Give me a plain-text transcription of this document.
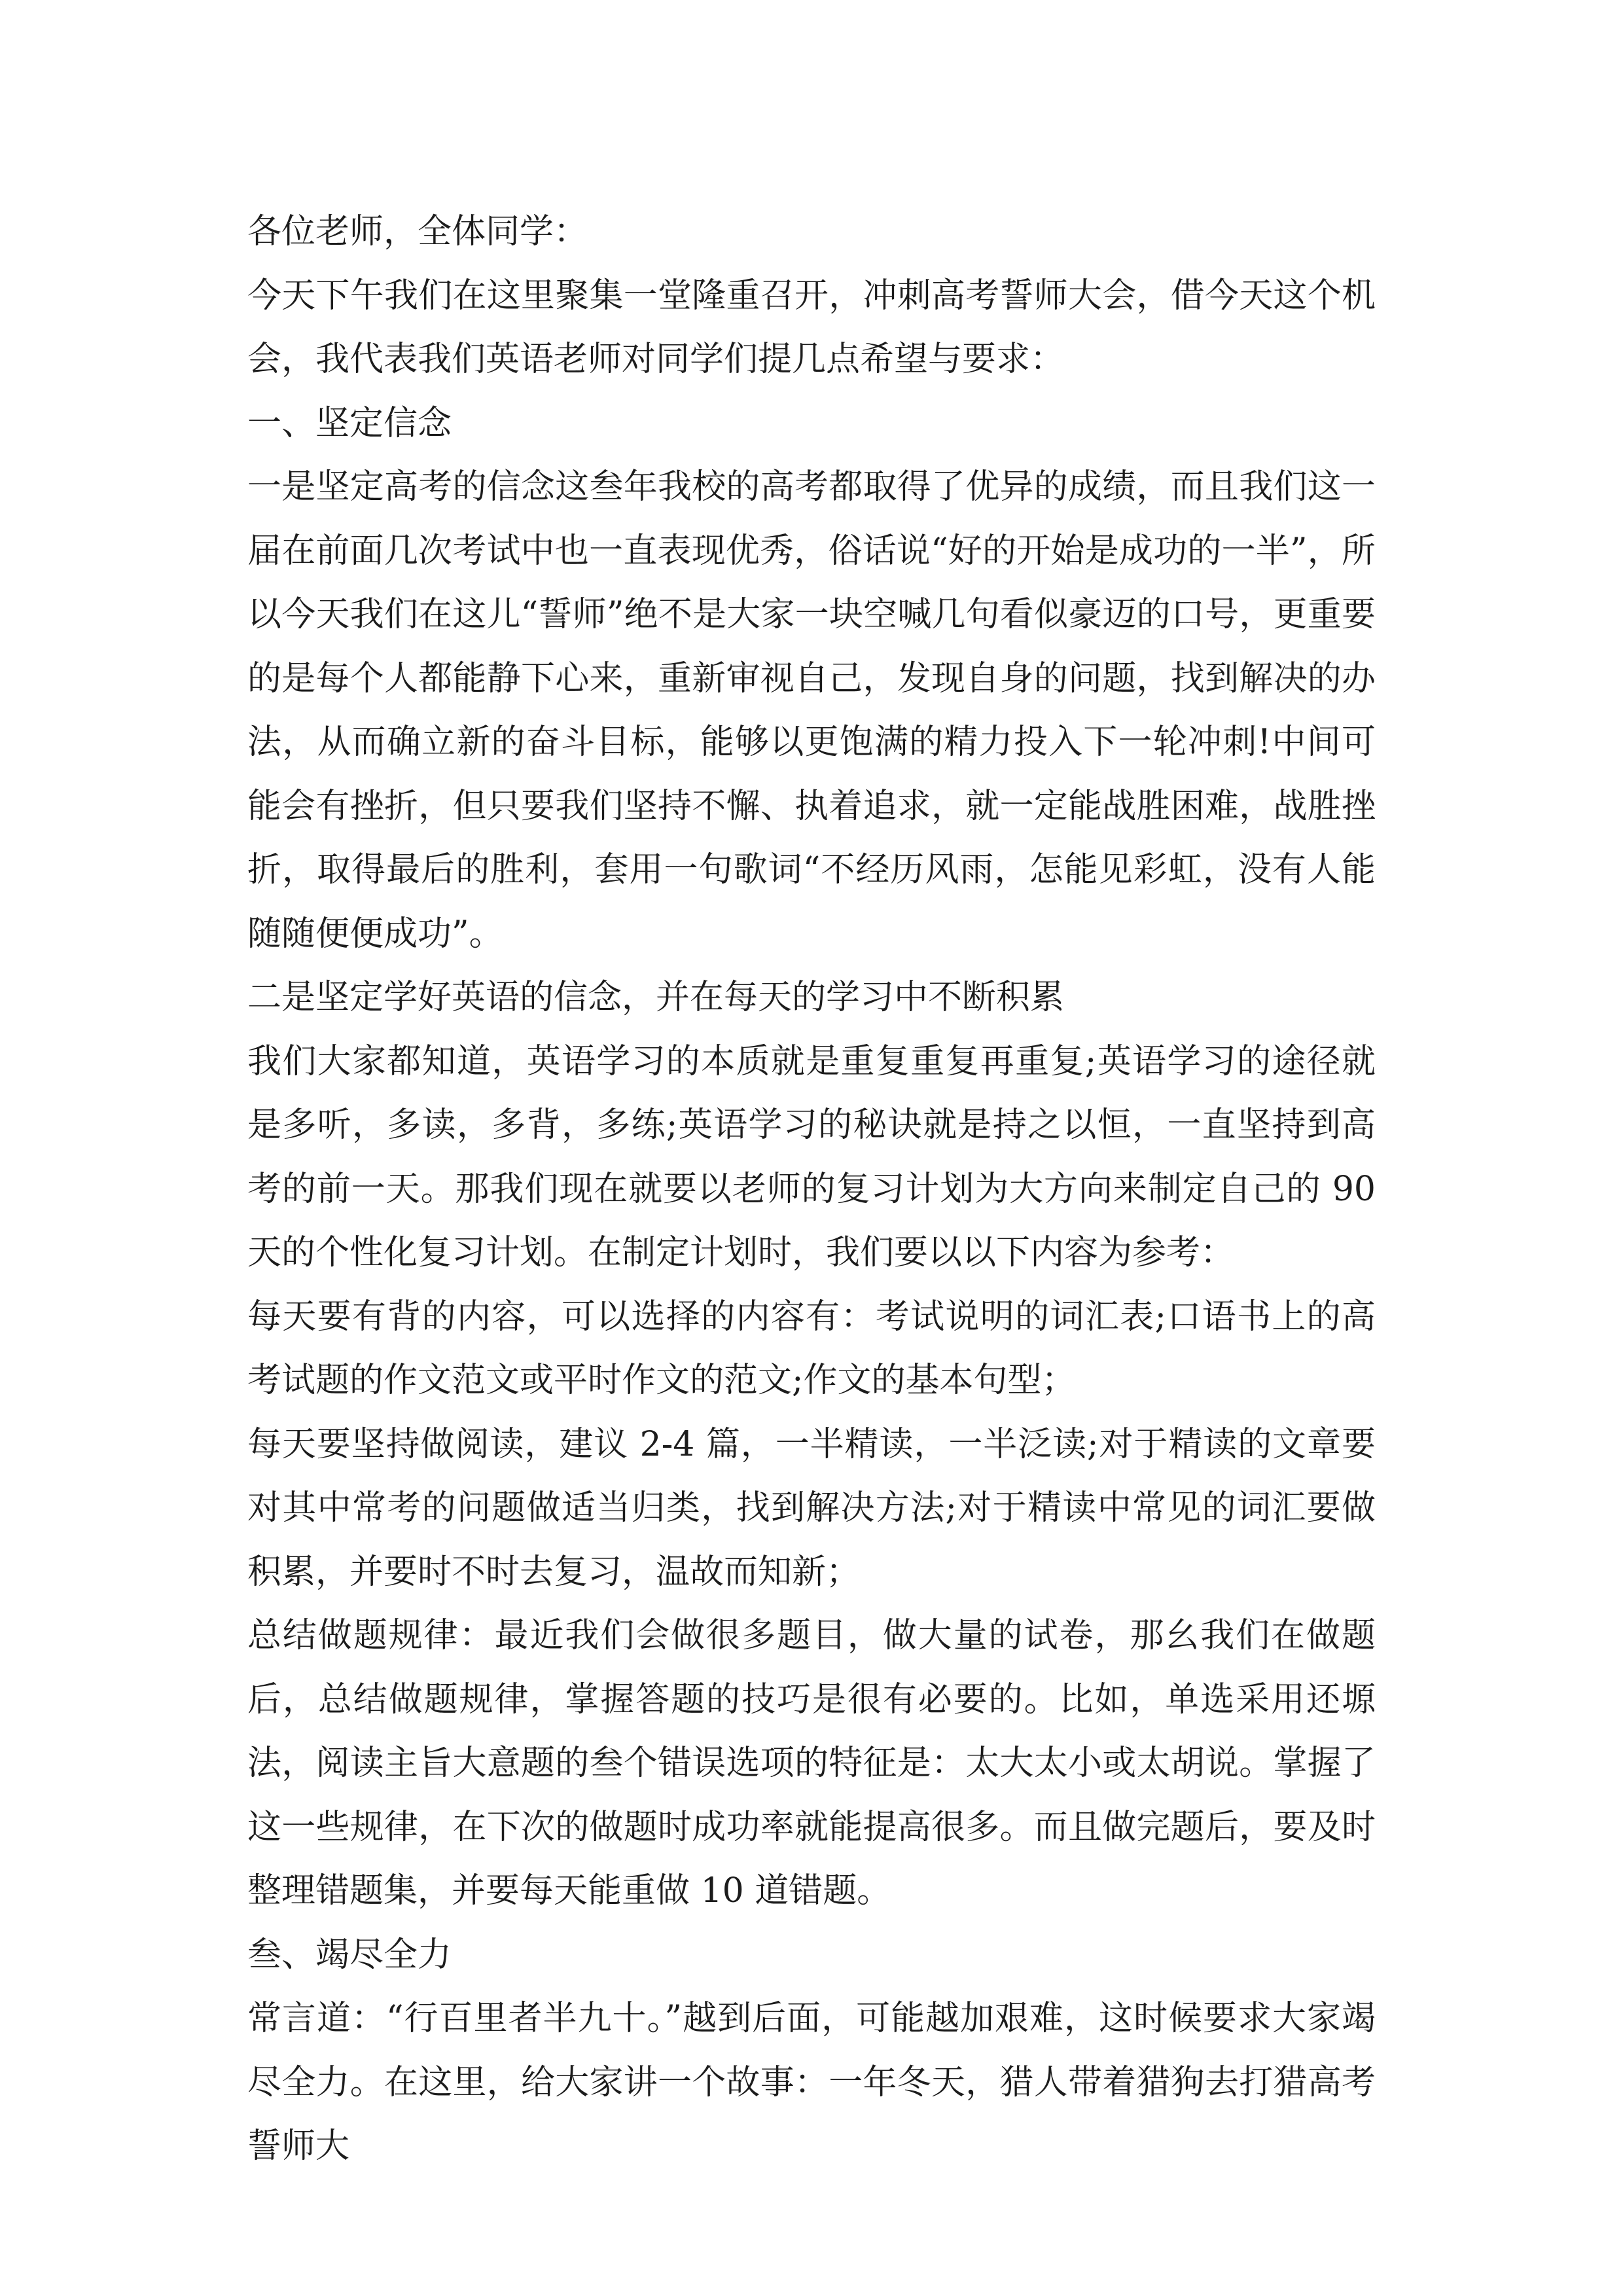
各位老师，全体同学：

今天下午我们在这里聚集一堂隆重召开，冲刺高考誓师大会，借今天这个机会，我代表我们英语老师对同学们提几点希望与要求：

一、坚定信念

一是坚定高考的信念这叁年我校的高考都取得了优异的成绩，而且我们这一届在前面几次考试中也一直表现优秀，俗话说“好的开始是成功的一半”，所以今天我们在这儿“誓师”绝不是大家一块空喊几句看似豪迈的口号，更重要的是每个人都能静下心来，重新审视自己，发现自身的问题，找到解决的办法，从而确立新的奋斗目标，能够以更饱满的精力投入下一轮冲刺!中间可能会有挫折，但只要我们坚持不懈、执着追求，就一定能战胜困难，战胜挫折，取得最后的胜利，套用一句歌词“不经历风雨，怎能见彩虹，没有人能随随便便成功”。

二是坚定学好英语的信念，并在每天的学习中不断积累

我们大家都知道，英语学习的本质就是重复重复再重复;英语学习的途径就是多听，多读，多背，多练;英语学习的秘诀就是持之以恒，一直坚持到高考的前一天。那我们现在就要以老师的复习计划为大方向来制定自己的 90 天的个性化复习计划。在制定计划时，我们要以以下内容为参考：

每天要有背的内容，可以选择的内容有：考试说明的词汇表;口语书上的高考试题的作文范文或平时作文的范文;作文的基本句型；

每天要坚持做阅读，建议 2-4 篇，一半精读，一半泛读;对于精读的文章要对其中常考的问题做适当归类，找到解决方法;对于精读中常见的词汇要做积累，并要时不时去复习，温故而知新；

总结做题规律：最近我们会做很多题目，做大量的试卷，那幺我们在做题后，总结做题规律，掌握答题的技巧是很有必要的。比如，单选采用还塬法，阅读主旨大意题的叁个错误选项的特征是：太大太小或太胡说。掌握了这一些规律，在下次的做题时成功率就能提高很多。而且做完题后，要及时整理错题集，并要每天能重做 10 道错题。

叁、竭尽全力

常言道：“行百里者半九十。”越到后面，可能越加艰难，这时候要求大家竭尽全力。在这里，给大家讲一个故事：一年冬天，猎人带着猎狗去打猎高考誓师大
